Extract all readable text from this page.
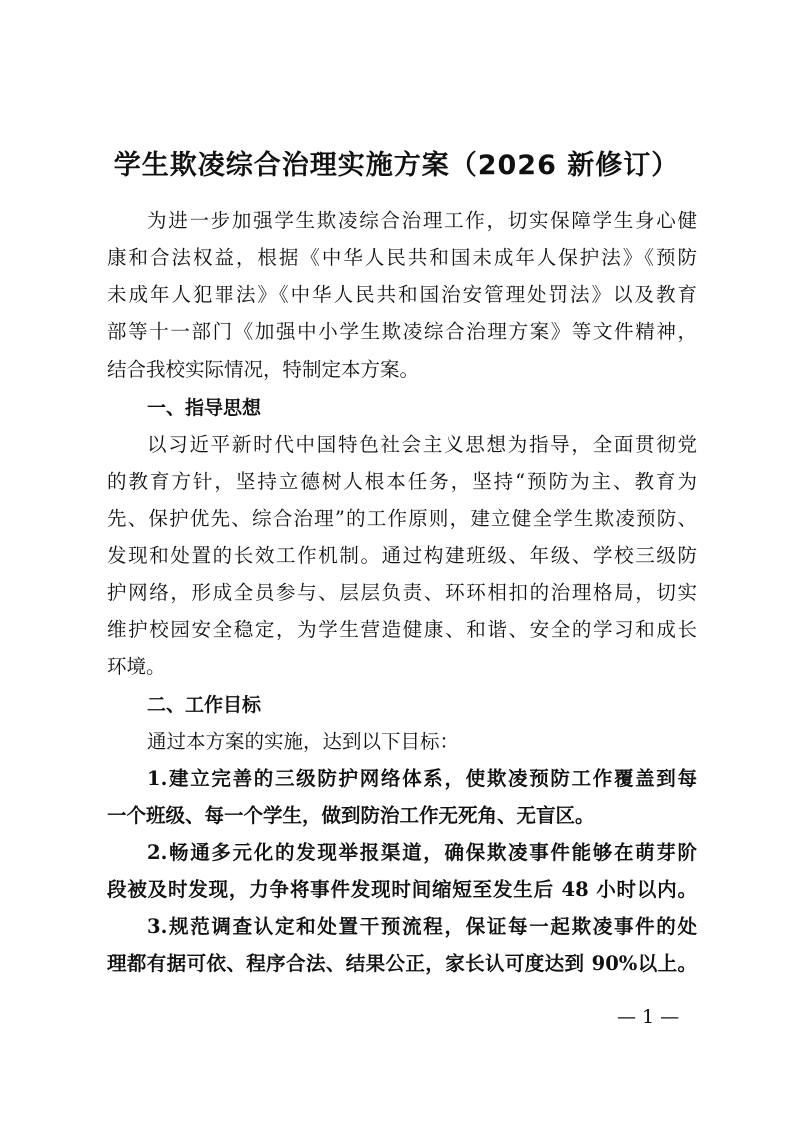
学生欺凌综合治理实施方案（2026 新修订）
为进一步加强学生欺凌综合治理工作，切实保障学生身心健
康和合法权益，根据《中华人民共和国未成年人保护法》《预防
未成年人犯罪法》《中华人民共和国治安管理处罚法》以及教育
部等十一部门《加强中小学生欺凌综合治理方案》等文件精神，
结合我校实际情况，特制定本方案。
一、指导思想
以习近平新时代中国特色社会主义思想为指导，全面贯彻党
的教育方针，坚持立德树人根本任务，坚持“预防为主、教育为
先、保护优先、综合治理”的工作原则，建立健全学生欺凌预防、
发现和处置的长效工作机制。通过构建班级、年级、学校三级防
护网络，形成全员参与、层层负责、环环相扣的治理格局，切实
维护校园安全稳定，为学生营造健康、和谐、安全的学习和成长
环境。
二、工作目标
通过本方案的实施，达到以下目标：
1.建立完善的三级防护网络体系，使欺凌预防工作覆盖到每
一个班级、每一个学生，做到防治工作无死角、无盲区。
2.畅通多元化的发现举报渠道，确保欺凌事件能够在萌芽阶
段被及时发现，力争将事件发现时间缩短至发生后 48 小时以内。
3.规范调查认定和处置干预流程，保证每一起欺凌事件的处
理都有据可依、程序合法、结果公正，家长认可度达到 90%以上。
— 1 —
